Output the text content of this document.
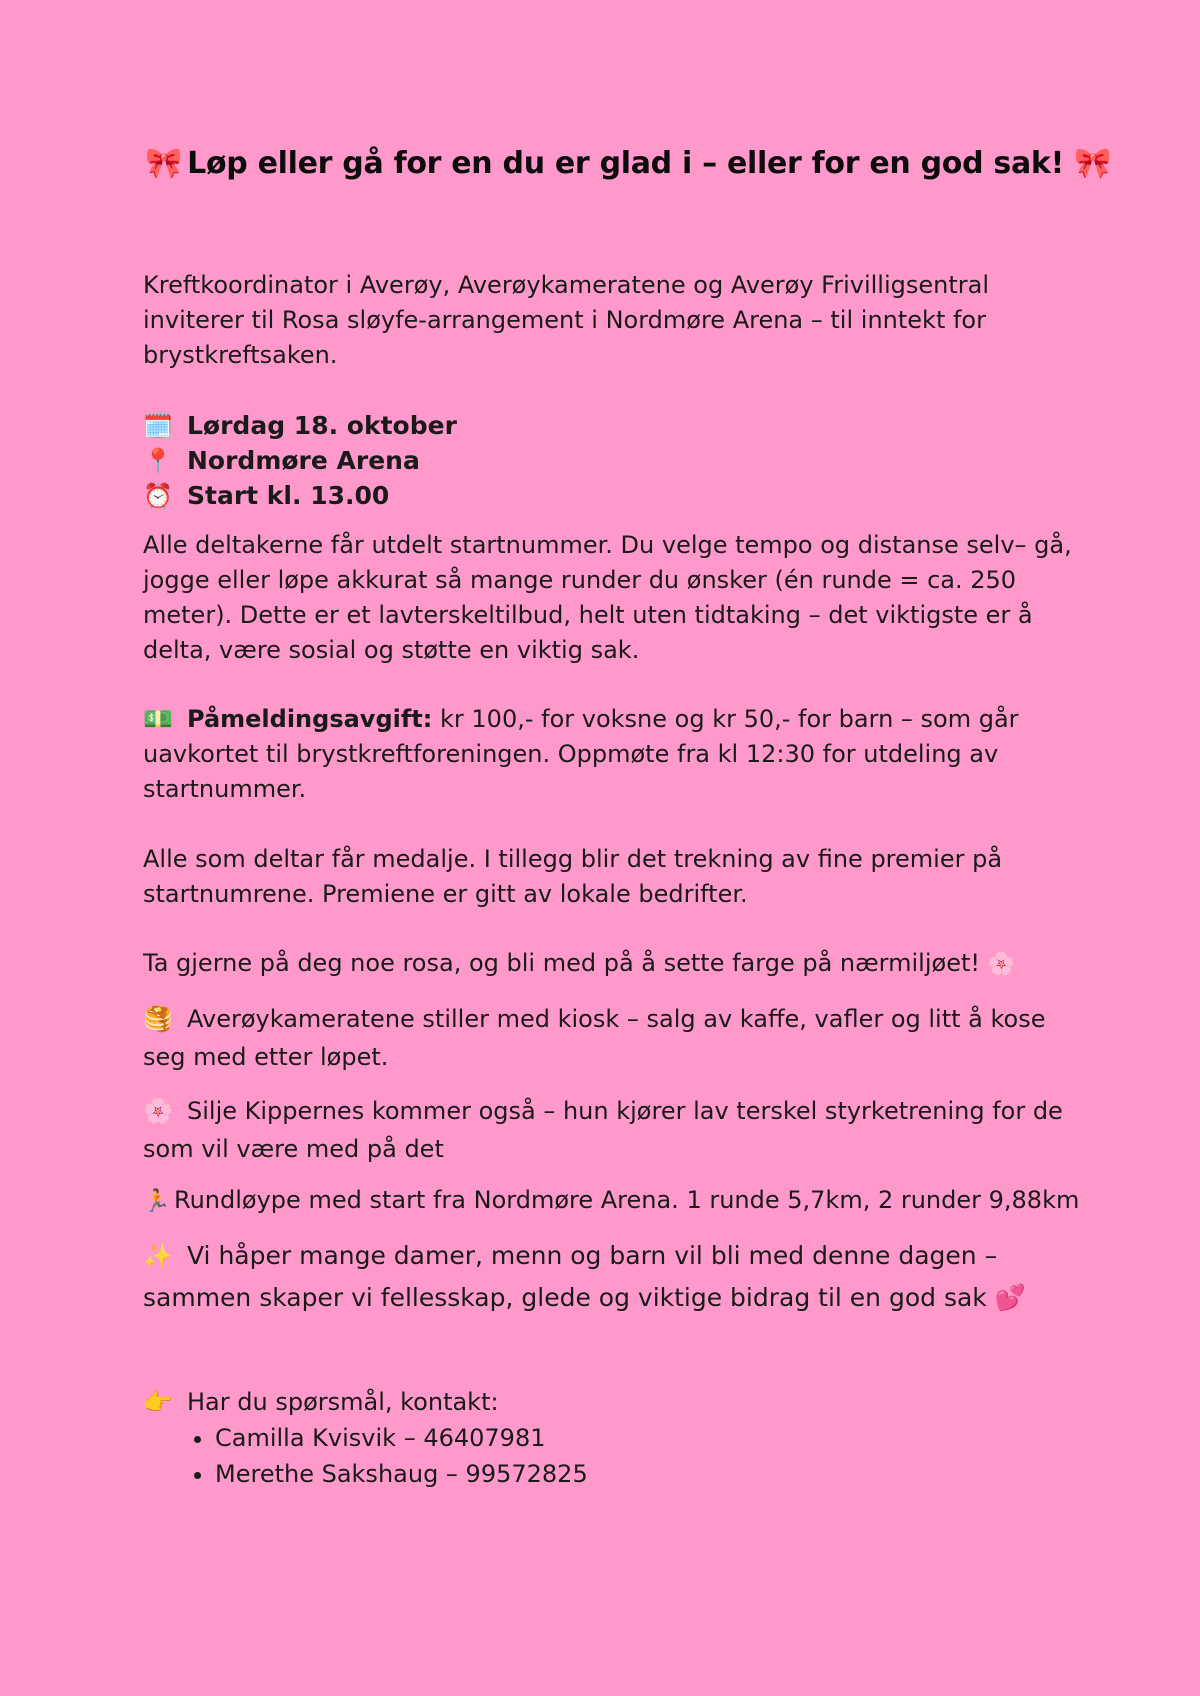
🎀 Løp eller gå for en du er glad i – eller for en god sak! 🎀
Kreftkoordinator i Averøy, Averøykameratene og Averøy Frivilligsentral inviterer til Rosa sløyfe-arrangement i Nordmøre Arena – til inntekt for brystkreftsaken.
🗓️ Lørdag 18. oktober
📍 Nordmøre Arena
⏰ Start kl. 13.00
Alle deltakerne får utdelt startnummer. Du velge tempo og distanse selv– gå, jogge eller løpe akkurat så mange runder du ønsker (én runde = ca. 250 meter). Dette er et lavterskeltilbud, helt uten tidtaking – det viktigste er å delta, være sosial og støtte en viktig sak.
💵 Påmeldingsavgift: kr 100,- for voksne og kr 50,- for barn – som går uavkortet til brystkreftforeningen. Oppmøte fra kl 12:30 for utdeling av startnummer.
Alle som deltar får medalje. I tillegg blir det trekning av fine premier på startnumrene. Premiene er gitt av lokale bedrifter.
Ta gjerne på deg noe rosa, og bli med på å sette farge på nærmiljøet! 🌸
🥞 Averøykameratene stiller med kiosk – salg av kaffe, vafler og litt å kose seg med etter løpet.
🌸 Silje Kippernes kommer også – hun kjører lav terskel styrketrening for de som vil være med på det
🏃 Rundløype med start fra Nordmøre Arena. 1 runde 5,7km, 2 runder 9,88km
✨ Vi håper mange damer, menn og barn vil bli med denne dagen – sammen skaper vi fellesskap, glede og viktige bidrag til en god sak 💕
👉 Har du spørsmål, kontakt:
• Camilla Kvisvik – 46407981
• Merethe Sakshaug – 99572825
